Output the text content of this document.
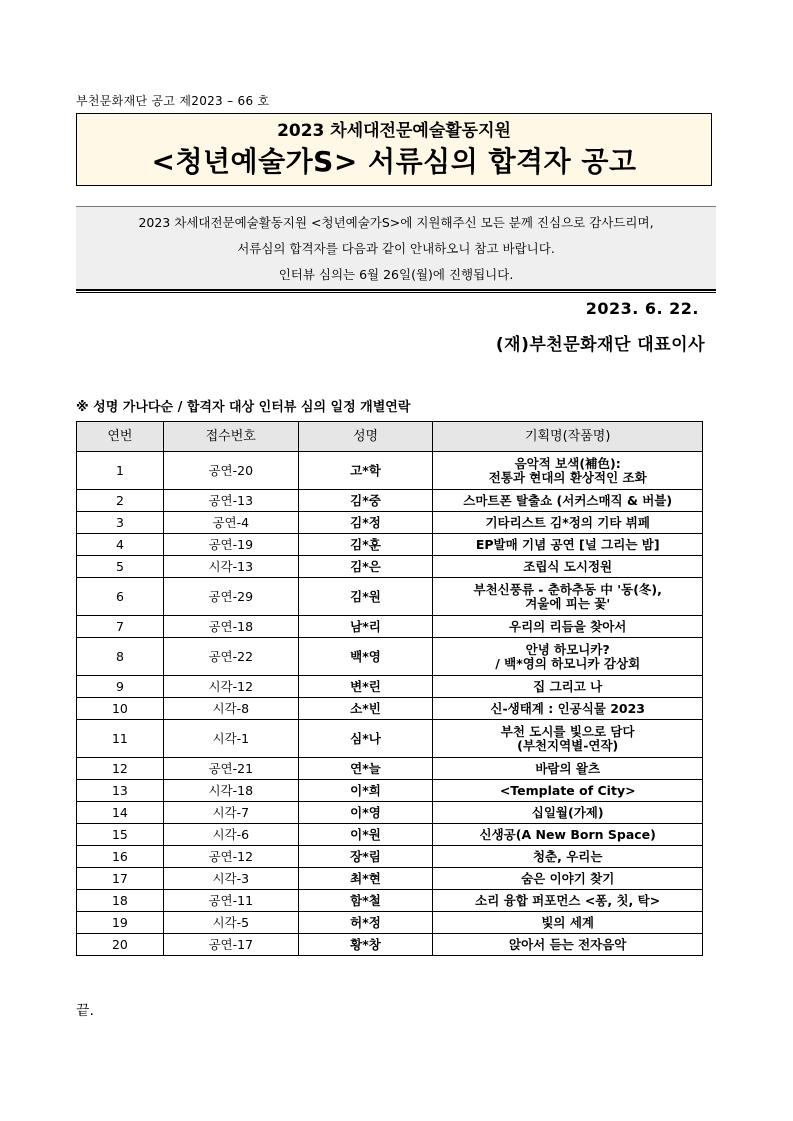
부천문화재단 공고 제2023 – 66 호
2023 차세대전문예술활동지원
<청년예술가S> 서류심의 합격자 공고
2023 차세대전문예술활동지원 <청년예술가S>에 지원해주신 모든 분께 진심으로 감사드리며,
서류심의 합격자를 다음과 같이 안내하오니 참고 바랍니다.
인터뷰 심의는 6월 26일(월)에 진행됩니다.
2023. 6. 22.
(재)부천문화재단 대표이사
※ 성명 가나다순 / 합격자 대상 인터뷰 심의 일정 개별연락
연번	접수번호	성명	기획명(작품명)
1	공연-20	고*학	음악적 보색(補色):
전통과 현대의 환상적인 조화

2	공연-13	김*중	스마트폰 탈출쇼 (서커스매직 & 버블)

3	공연-4	김*정	기타리스트 김*정의 기타 뷔페

4	공연-19	김*훈	EP발매 기념 공연 [널 그리는 밤]

5	시각-13	김*은	조립식 도시정원

6	공연-29	김*원	부천신풍류 - 춘하추동 中 '동(冬),
겨울에 피는 꽃'

7	공연-18	남*리	우리의 리듬을 찾아서

8	공연-22	백*영	안녕 하모니카?
/ 백*영의 하모니카 감상회

9	시각-12	변*린	집 그리고 나

10	시각-8	소*빈	신-생태계 : 인공식물 2023

11	시각-1	심*나	부천 도시를 빛으로 담다
(부천지역별-연작)

12	공연-21	연*늘	바람의 왈츠

13	시각-18	이*희	<Template of City>

14	시각-7	이*영	십일월(가제)

15	시각-6	이*원	신생공(A New Born Space)

16	공연-12	장*림	청춘, 우리는

17	시각-3	최*현	숨은 이야기 찾기

18	공연-11	함*철	소리 융합 퍼포먼스 <퐁, 칫, 탁>

19	시각-5	허*정	빛의 세계

20	공연-17	황*창	앉아서 듣는 전자음악
끝.
